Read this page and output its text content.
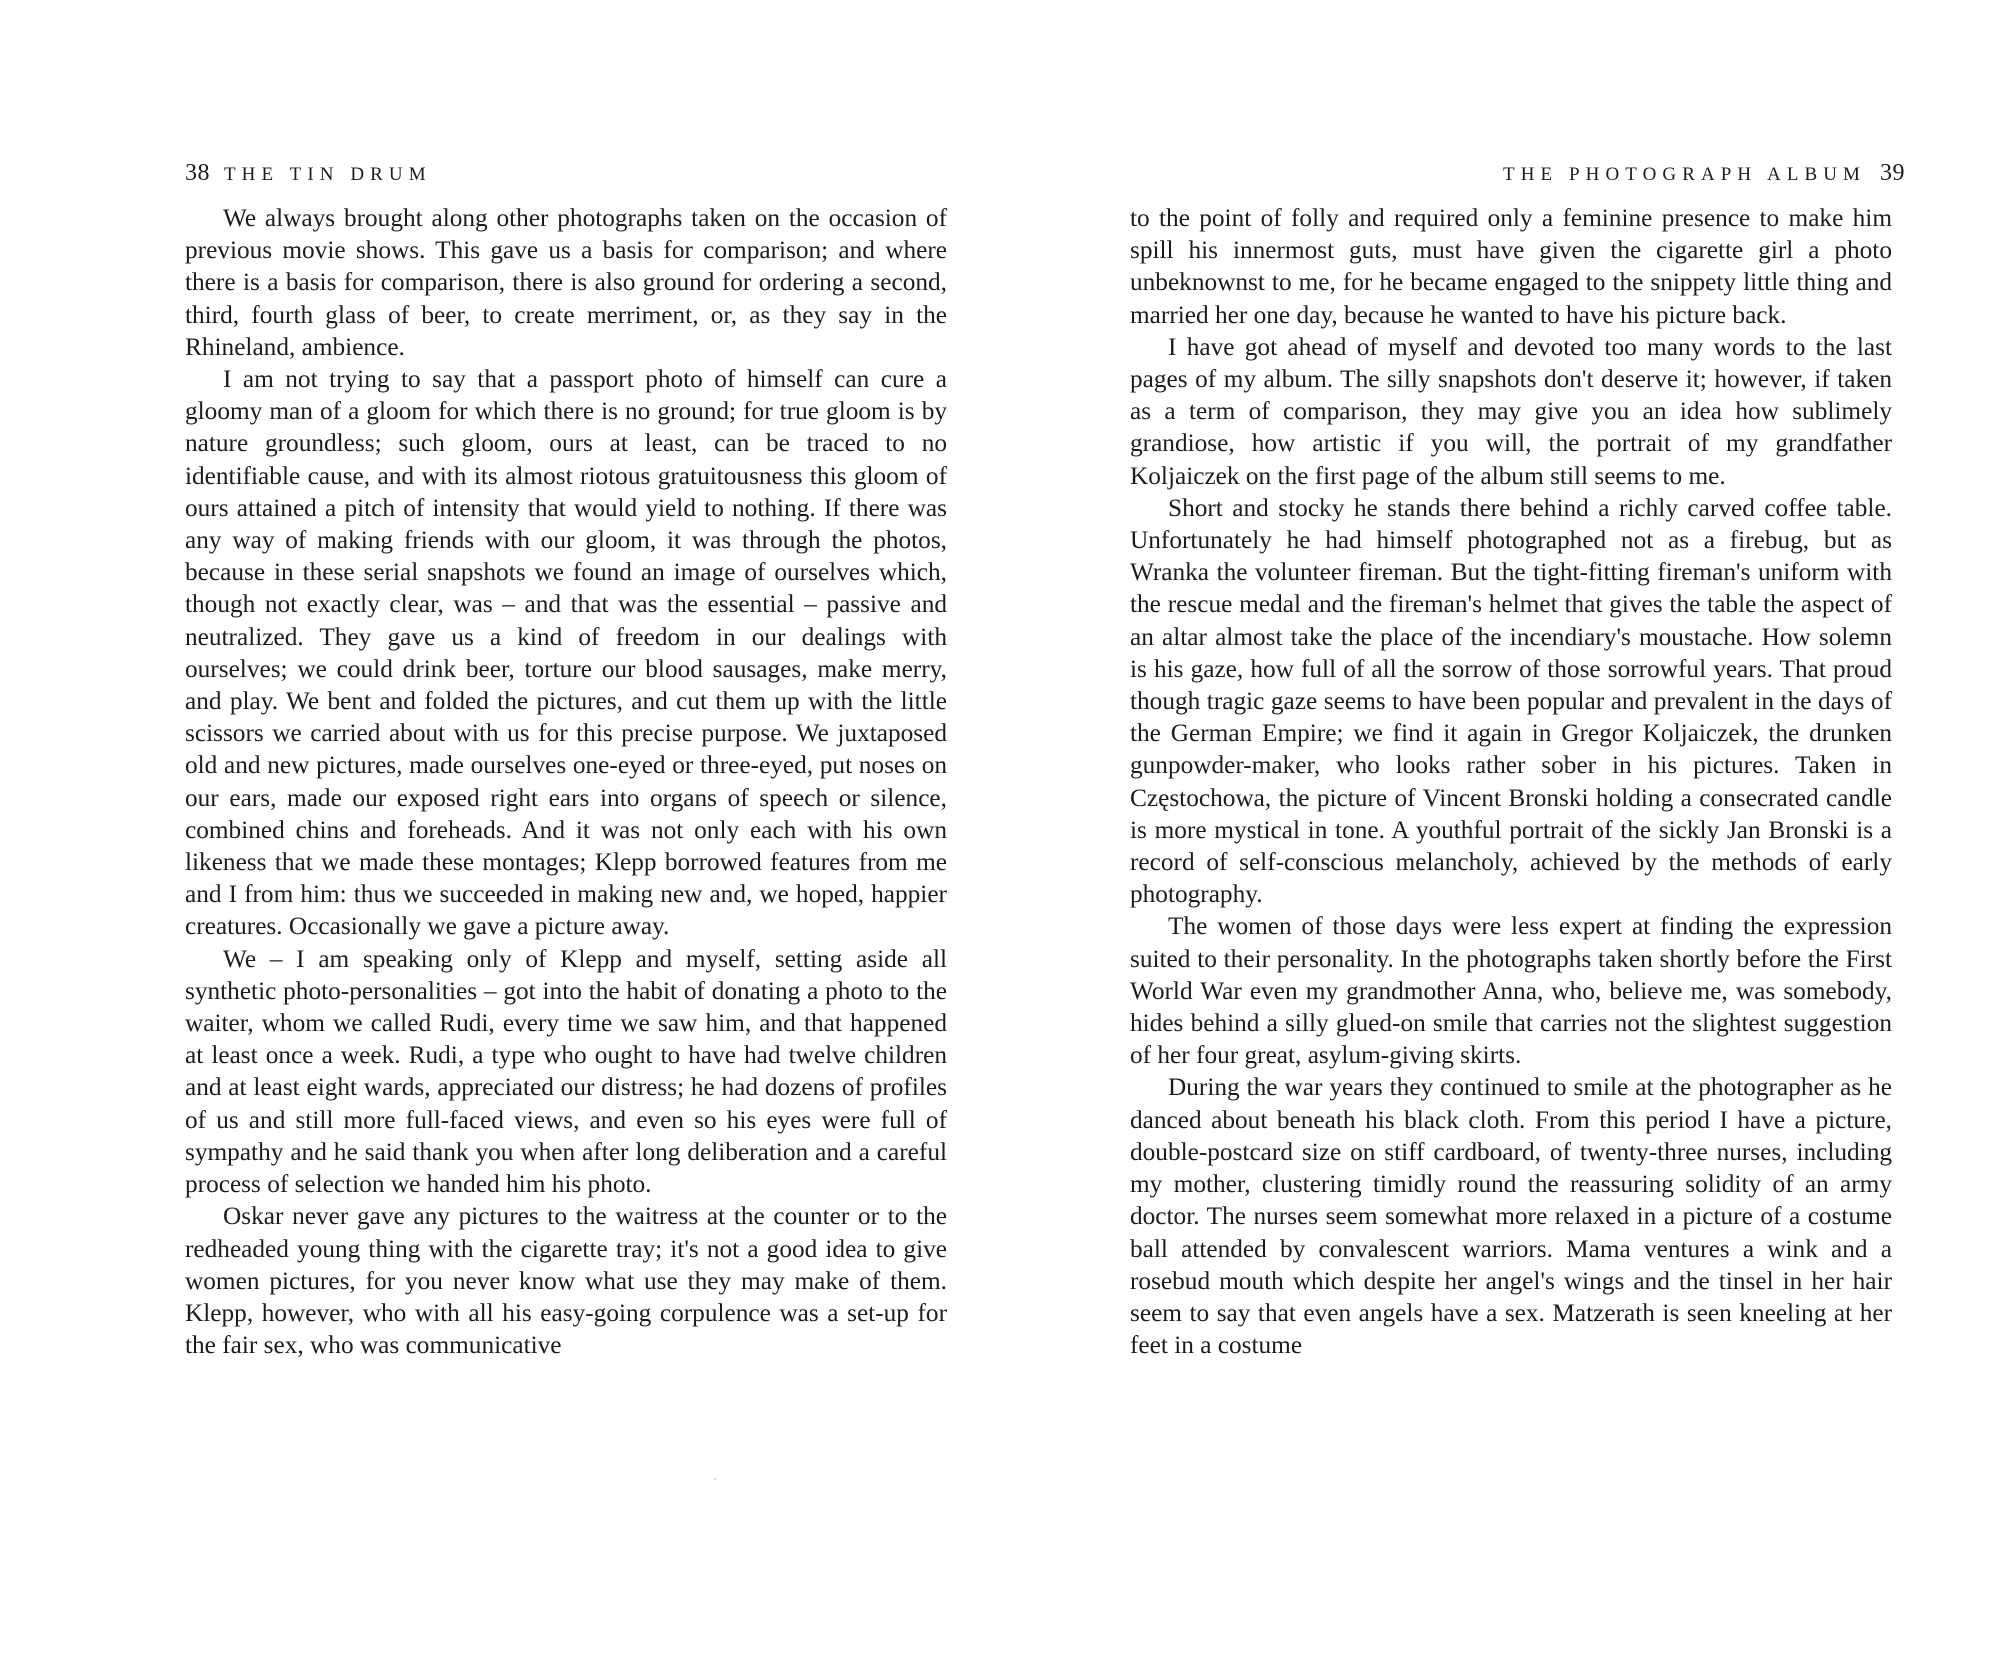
38 THE TIN DRUM

We always brought along other photographs taken on the occasion of previous movie shows. This gave us a basis for comparison; and where there is a basis for comparison, there is also ground for ordering a second, third, fourth glass of beer, to create merriment, or, as they say in the Rhineland, ambience.

I am not trying to say that a passport photo of himself can cure a gloomy man of a gloom for which there is no ground; for true gloom is by nature groundless; such gloom, ours at least, can be traced to no identifiable cause, and with its almost riotous gratuitousness this gloom of ours attained a pitch of intensity that would yield to nothing. If there was any way of making friends with our gloom, it was through the photos, because in these serial snapshots we found an image of ourselves which, though not exactly clear, was – and that was the essential – passive and neutralized. They gave us a kind of freedom in our dealings with ourselves; we could drink beer, torture our blood sausages, make merry, and play. We bent and folded the pictures, and cut them up with the little scissors we carried about with us for this precise purpose. We juxtaposed old and new pictures, made ourselves one-eyed or three-eyed, put noses on our ears, made our exposed right ears into organs of speech or silence, combined chins and foreheads. And it was not only each with his own likeness that we made these montages; Klepp borrowed features from me and I from him: thus we succeeded in making new and, we hoped, happier creatures. Occasionally we gave a picture away.

We – I am speaking only of Klepp and myself, setting aside all synthetic photo-personalities – got into the habit of donating a photo to the waiter, whom we called Rudi, every time we saw him, and that happened at least once a week. Rudi, a type who ought to have had twelve children and at least eight wards, appreciated our distress; he had dozens of profiles of us and still more full-faced views, and even so his eyes were full of sympathy and he said thank you when after long deliberation and a careful process of selection we handed him his photo.

Oskar never gave any pictures to the waitress at the counter or to the redheaded young thing with the cigarette tray; it's not a good idea to give women pictures, for you never know what use they may make of them. Klepp, however, who with all his easy-going corpulence was a set-up for the fair sex, who was communicative

THE PHOTOGRAPH ALBUM 39

to the point of folly and required only a feminine presence to make him spill his innermost guts, must have given the cigarette girl a photo unbeknownst to me, for he became engaged to the snippety little thing and married her one day, because he wanted to have his picture back.

I have got ahead of myself and devoted too many words to the last pages of my album. The silly snapshots don't deserve it; however, if taken as a term of comparison, they may give you an idea how sublimely grandiose, how artistic if you will, the portrait of my grandfather Koljaiczek on the first page of the album still seems to me.

Short and stocky he stands there behind a richly carved coffee table. Unfortunately he had himself photographed not as a firebug, but as Wranka the volunteer fireman. But the tight-fitting fireman's uniform with the rescue medal and the fireman's helmet that gives the table the aspect of an altar almost take the place of the incendiary's moustache. How solemn is his gaze, how full of all the sorrow of those sorrowful years. That proud though tragic gaze seems to have been popular and prevalent in the days of the German Empire; we find it again in Gregor Koljaiczek, the drunken gunpowder-maker, who looks rather sober in his pictures. Taken in Częstochowa, the picture of Vincent Bronski holding a consecrated candle is more mystical in tone. A youthful portrait of the sickly Jan Bronski is a record of self-conscious melancholy, achieved by the methods of early photography.

The women of those days were less expert at finding the expression suited to their personality. In the photographs taken shortly before the First World War even my grandmother Anna, who, believe me, was somebody, hides behind a silly glued-on smile that carries not the slightest suggestion of her four great, asylum-giving skirts.

During the war years they continued to smile at the photographer as he danced about beneath his black cloth. From this period I have a picture, double-postcard size on stiff cardboard, of twenty-three nurses, including my mother, clustering timidly round the reassuring solidity of an army doctor. The nurses seem somewhat more relaxed in a picture of a costume ball attended by convalescent warriors. Mama ventures a wink and a rosebud mouth which despite her angel's wings and the tinsel in her hair seem to say that even angels have a sex. Matzerath is seen kneeling at her feet in a costume
